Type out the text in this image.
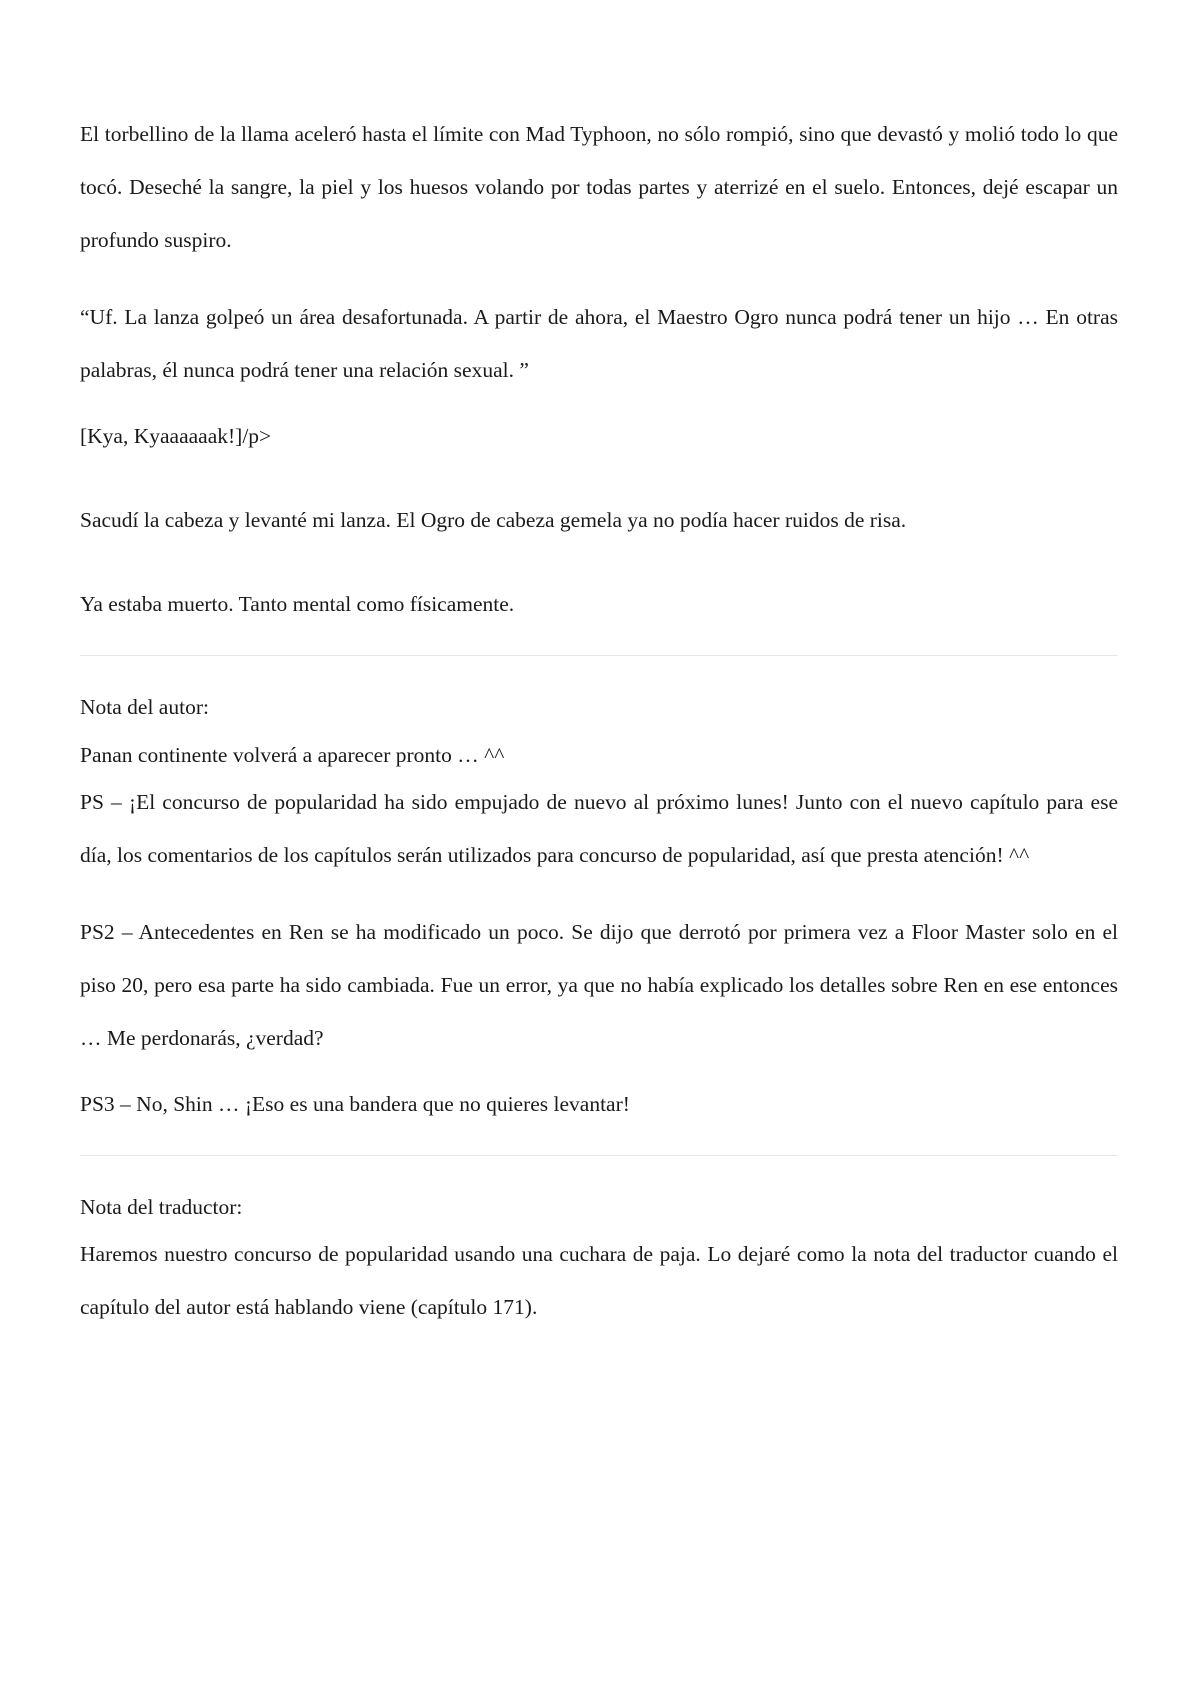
El torbellino de la llama aceleró hasta el límite con Mad Typhoon, no sólo rompió, sino que devastó y molió todo lo que tocó. Deseché la sangre, la piel y los huesos volando por todas partes y aterrizé en el suelo. Entonces, dejé escapar un profundo suspiro.

“Uf. La lanza golpeó un área desafortunada. A partir de ahora, el Maestro Ogro nunca podrá tener un hijo … En otras palabras, él nunca podrá tener una relación sexual. ”

[Kya, Kyaaaaaak!]/p>

Sacudí la cabeza y levanté mi lanza. El Ogro de cabeza gemela ya no podía hacer ruidos de risa.

Ya estaba muerto. Tanto mental como físicamente.

Nota del autor:

Panan continente volverá a aparecer pronto … ^^

PS – ¡El concurso de popularidad ha sido empujado de nuevo al próximo lunes! Junto con el nuevo capítulo para ese día, los comentarios de los capítulos serán utilizados para concurso de popularidad, así que presta atención! ^^

PS2 – Antecedentes en Ren se ha modificado un poco. Se dijo que derrotó por primera vez a Floor Master solo en el piso 20, pero esa parte ha sido cambiada. Fue un error, ya que no había explicado los detalles sobre Ren en ese entonces … Me perdonarás, ¿verdad?

PS3 – No, Shin … ¡Eso es una bandera que no quieres levantar!

Nota del traductor:

Haremos nuestro concurso de popularidad usando una cuchara de paja. Lo dejaré como la nota del traductor cuando el capítulo del autor está hablando viene (capítulo 171).
